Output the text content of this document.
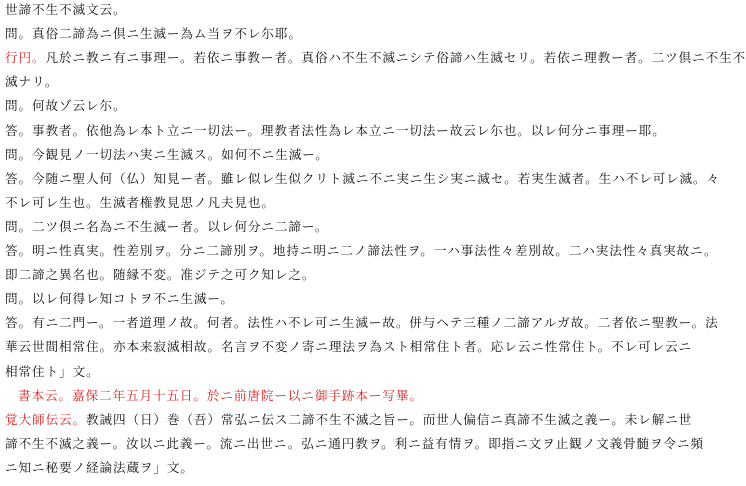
世諦不生不滅文云。
問。真俗二諦為ニ倶ニ生滅ー為ム当ヲ不レ尓耶。
行円。凡於ニ教ニ有ニ事理ー。若依ニ事教ー者。真俗ハ不生不滅ニシテ俗諦ハ生滅セリ。若依ニ理教ー者。二ツ倶ニ不生不
滅ナリ。
問。何故ゾ云レ尓。
答。事教者。依他為レ本ト立ニ一切法ー。理教者法性為レ本立ニ一切法ー故云レ尓也。以レ何分ニ事理ー耶。
問。今観見ノ一切法ハ実ニ生滅ス。如何不ニ生滅ー。
答。今随ニ聖人何（仏）知見ー者。雖レ似レ生似クリト滅ニ不ニ実ニ生シ実ニ滅セ。若実生滅者。生ハ不レ可レ滅。々
不レ可レ生也。生滅者権教見思ノ凡夫見也。
問。二ツ倶ニ名為ニ不生滅ー者。以レ何分ニ二諦ー。
答。明ニ性真実。性差別ヲ。分ニ二諦別ヲ。地持ニ明ニ二ノ諦法性ヲ。一ハ事法性々差別故。二ハ実法性々真実故ニ。
即二諦之異名也。随縁不変。准ジテ之可ク知レ之。
問。以レ何得レ知コトヲ不ニ生滅ー。
答。有ニ二門ー。一者道理ノ故。何者。法性ハ不レ可ニ生滅ー故。併与ヘテ三種ノ二諦アルガ故。二者依ニ聖教ー。法
華云世間相常住。亦本来寂滅相故。名言ヲ不変ノ寄ニ理法ヲ為スト相常住ト者。応レ云ニ性常住ト。不レ可レ云ニ
相常住ト」文。
書本云。嘉保二年五月十五日。於ニ前唐院ー以ニ御手跡本ー写畢。
覚大師伝云。教誡四（日）巻（吾）常弘ニ伝ス二諦不生不滅之旨ー。而世人偏信ニ真諦不生滅之義ー。未レ解ニ世
諦不生不滅之義ー。汝以ニ此義ー。流ニ出世ニ。弘ニ通円教ヲ。利ニ益有情ヲ。即指ニ文ヲ止観ノ文義骨髄ヲ令ニ頻
ニ知ニ秘要ノ経論法蔵ヲ」文。
